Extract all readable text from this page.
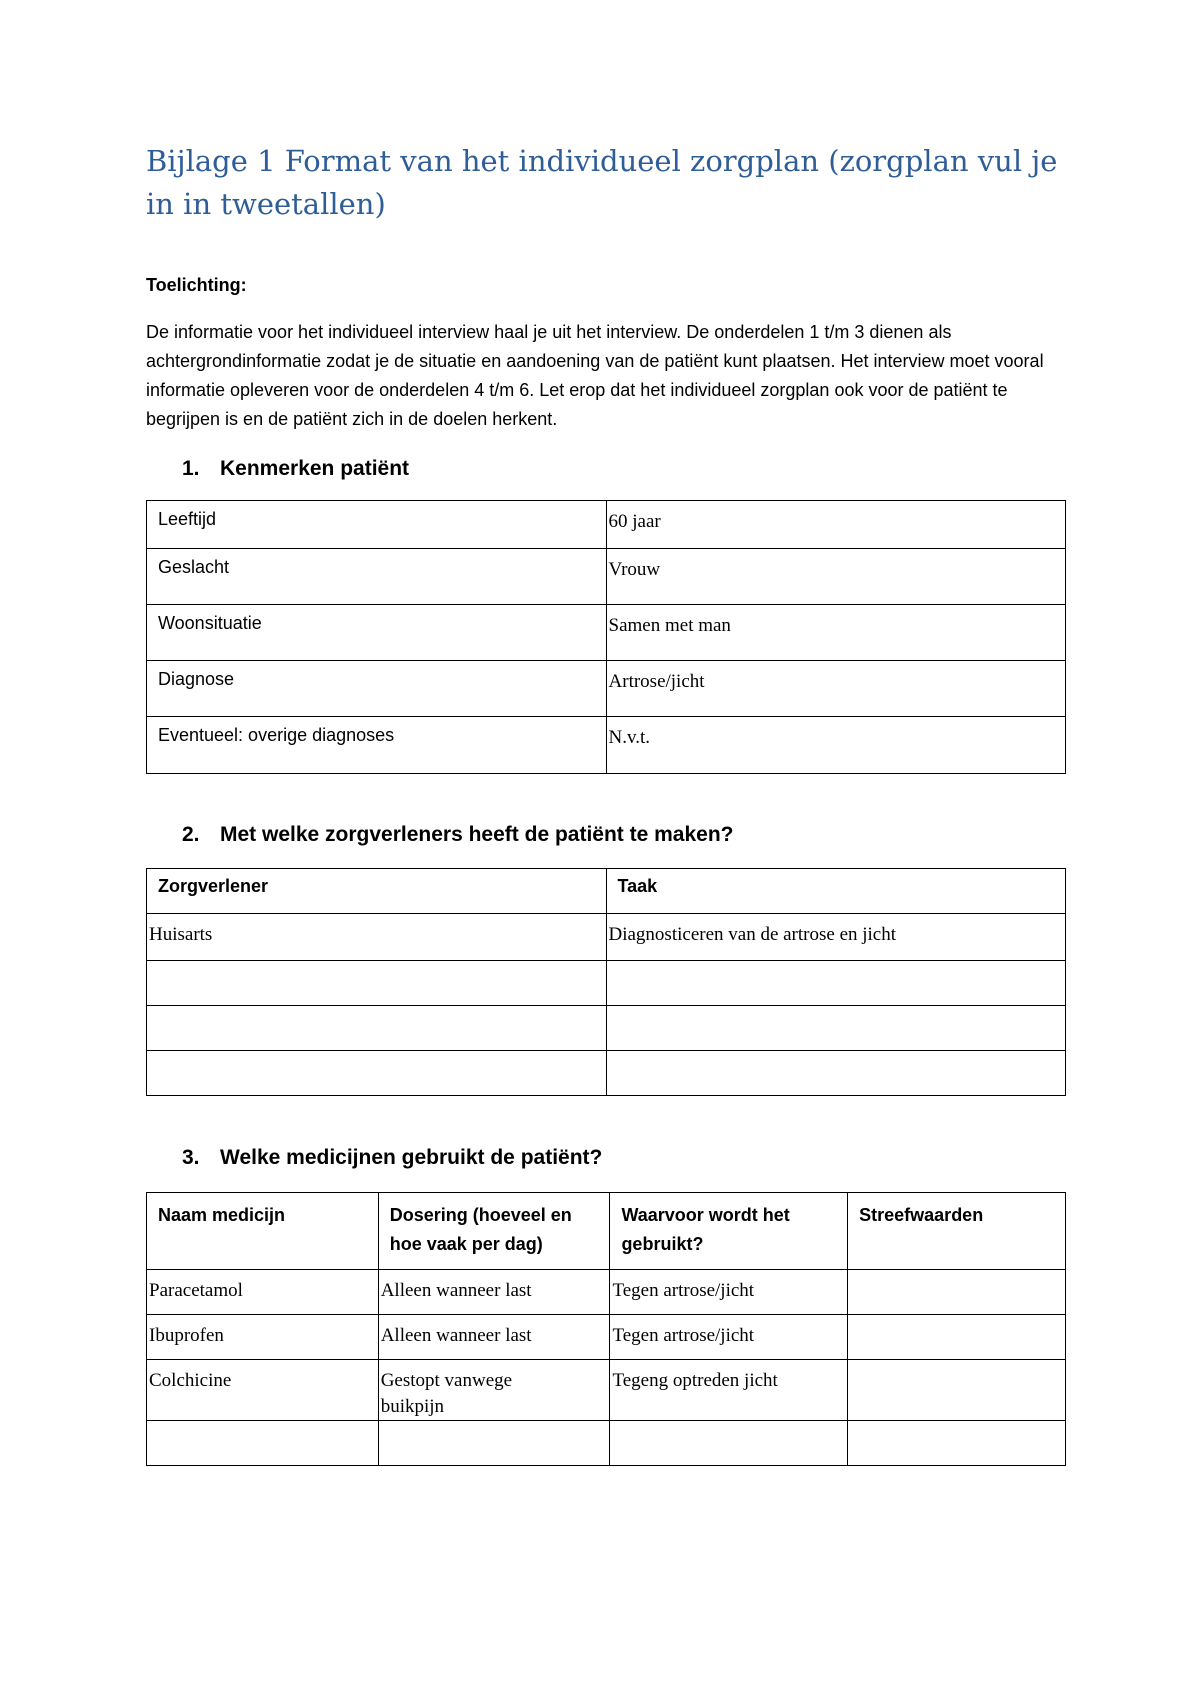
Bijlage 1 Format van het individueel zorgplan (zorgplan vul je in in tweetallen)

Toelichting:

De informatie voor het individueel interview haal je uit het interview. De onderdelen 1 t/m 3 dienen als achtergrondinformatie zodat je de situatie en aandoening van de patiënt kunt plaatsen. Het interview moet vooral informatie opleveren voor de onderdelen 4 t/m 6. Let erop dat het individueel zorgplan ook voor de patiënt te begrijpen is en de patiënt zich in de doelen herkent.

1. Kenmerken patiënt

Leeftijd	60 jaar
Geslacht	Vrouw
Woonsituatie	Samen met man
Diagnose	Artrose/jicht
Eventueel: overige diagnoses	N.v.t.

2. Met welke zorgverleners heeft de patiënt te maken?

Zorgverlener	Taak
Huisarts	Diagnosticeren van de artrose en jicht

3. Welke medicijnen gebruikt de patiënt?

Naam medicijn	Dosering (hoeveel en hoe vaak per dag)	Waarvoor wordt het gebruikt?	Streefwaarden
Paracetamol	Alleen wanneer last	Tegen artrose/jicht	
Ibuprofen	Alleen wanneer last	Tegen artrose/jicht	
Colchicine	Gestopt vanwege buikpijn	Tegeng optreden jicht	
